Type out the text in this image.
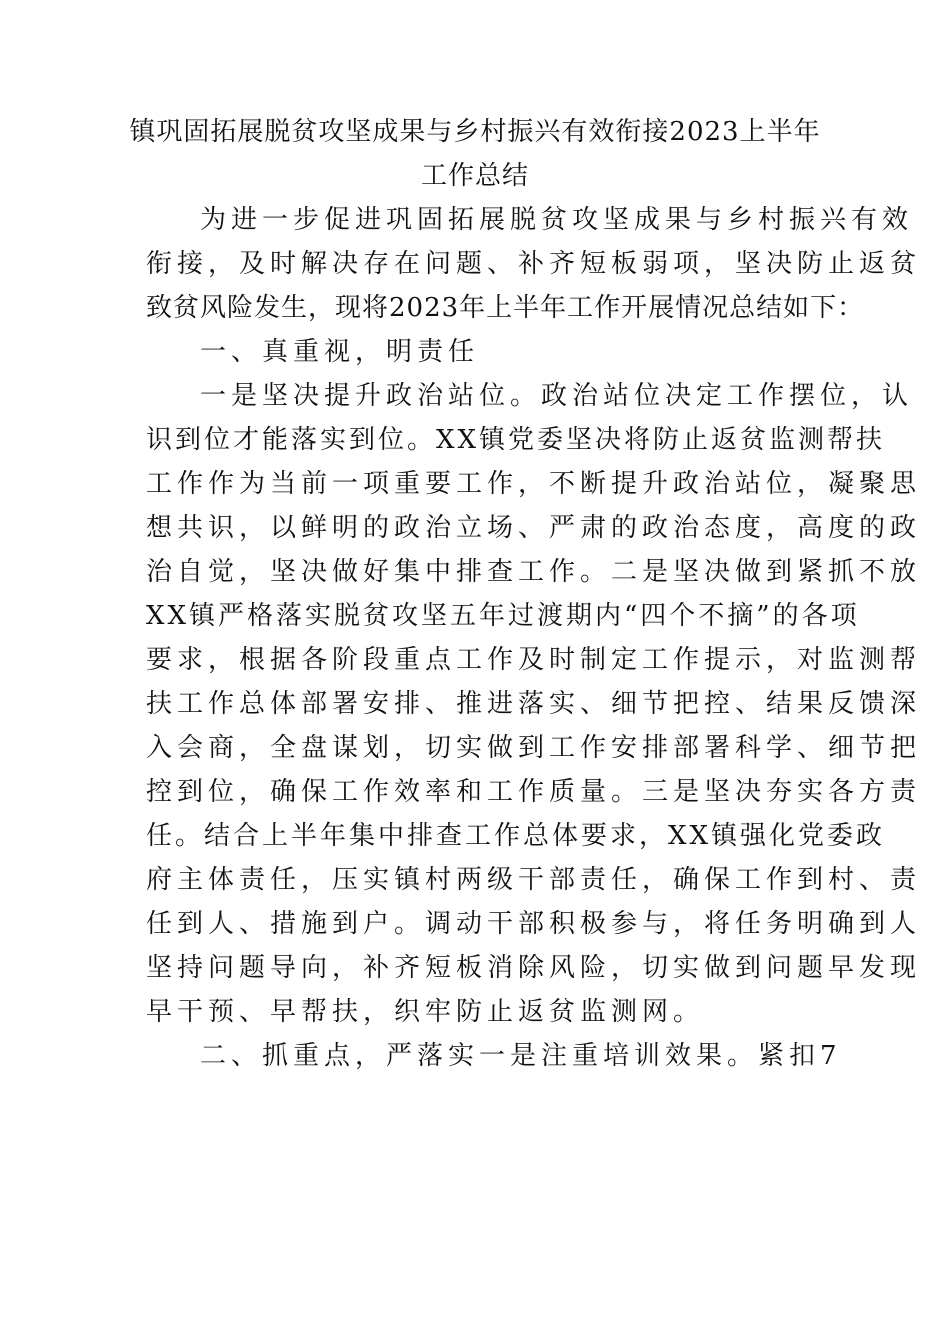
镇巩固拓展脱贫攻坚成果与乡村振兴有效衔接2023上半年
工作总结
为进一步促进巩固拓展脱贫攻坚成果与乡村振兴有效
衔接，及时解决存在问题、补齐短板弱项，坚决防止返贫
致贫风险发生，现将2023年上半年工作开展情况总结如下：
一、真重视，明责任
一是坚决提升政治站位。政治站位决定工作摆位，认
识到位才能落实到位。XX镇党委坚决将防止返贫监测帮扶
工作作为当前一项重要工作，不断提升政治站位，凝聚思
想共识，以鲜明的政治立场、严肃的政治态度，高度的政
治自觉，坚决做好集中排查工作。二是坚决做到紧抓不放
XX镇严格落实脱贫攻坚五年过渡期内“四个不摘”的各项
要求，根据各阶段重点工作及时制定工作提示，对监测帮
扶工作总体部署安排、推进落实、细节把控、结果反馈深
入会商，全盘谋划，切实做到工作安排部署科学、细节把
控到位，确保工作效率和工作质量。三是坚决夯实各方责
任。结合上半年集中排查工作总体要求，XX镇强化党委政
府主体责任，压实镇村两级干部责任，确保工作到村、责
任到人、措施到户。调动干部积极参与，将任务明确到人
坚持问题导向，补齐短板消除风险，切实做到问题早发现
早干预、早帮扶，织牢防止返贫监测网。
二、抓重点，严落实一是注重培训效果。紧扣7
